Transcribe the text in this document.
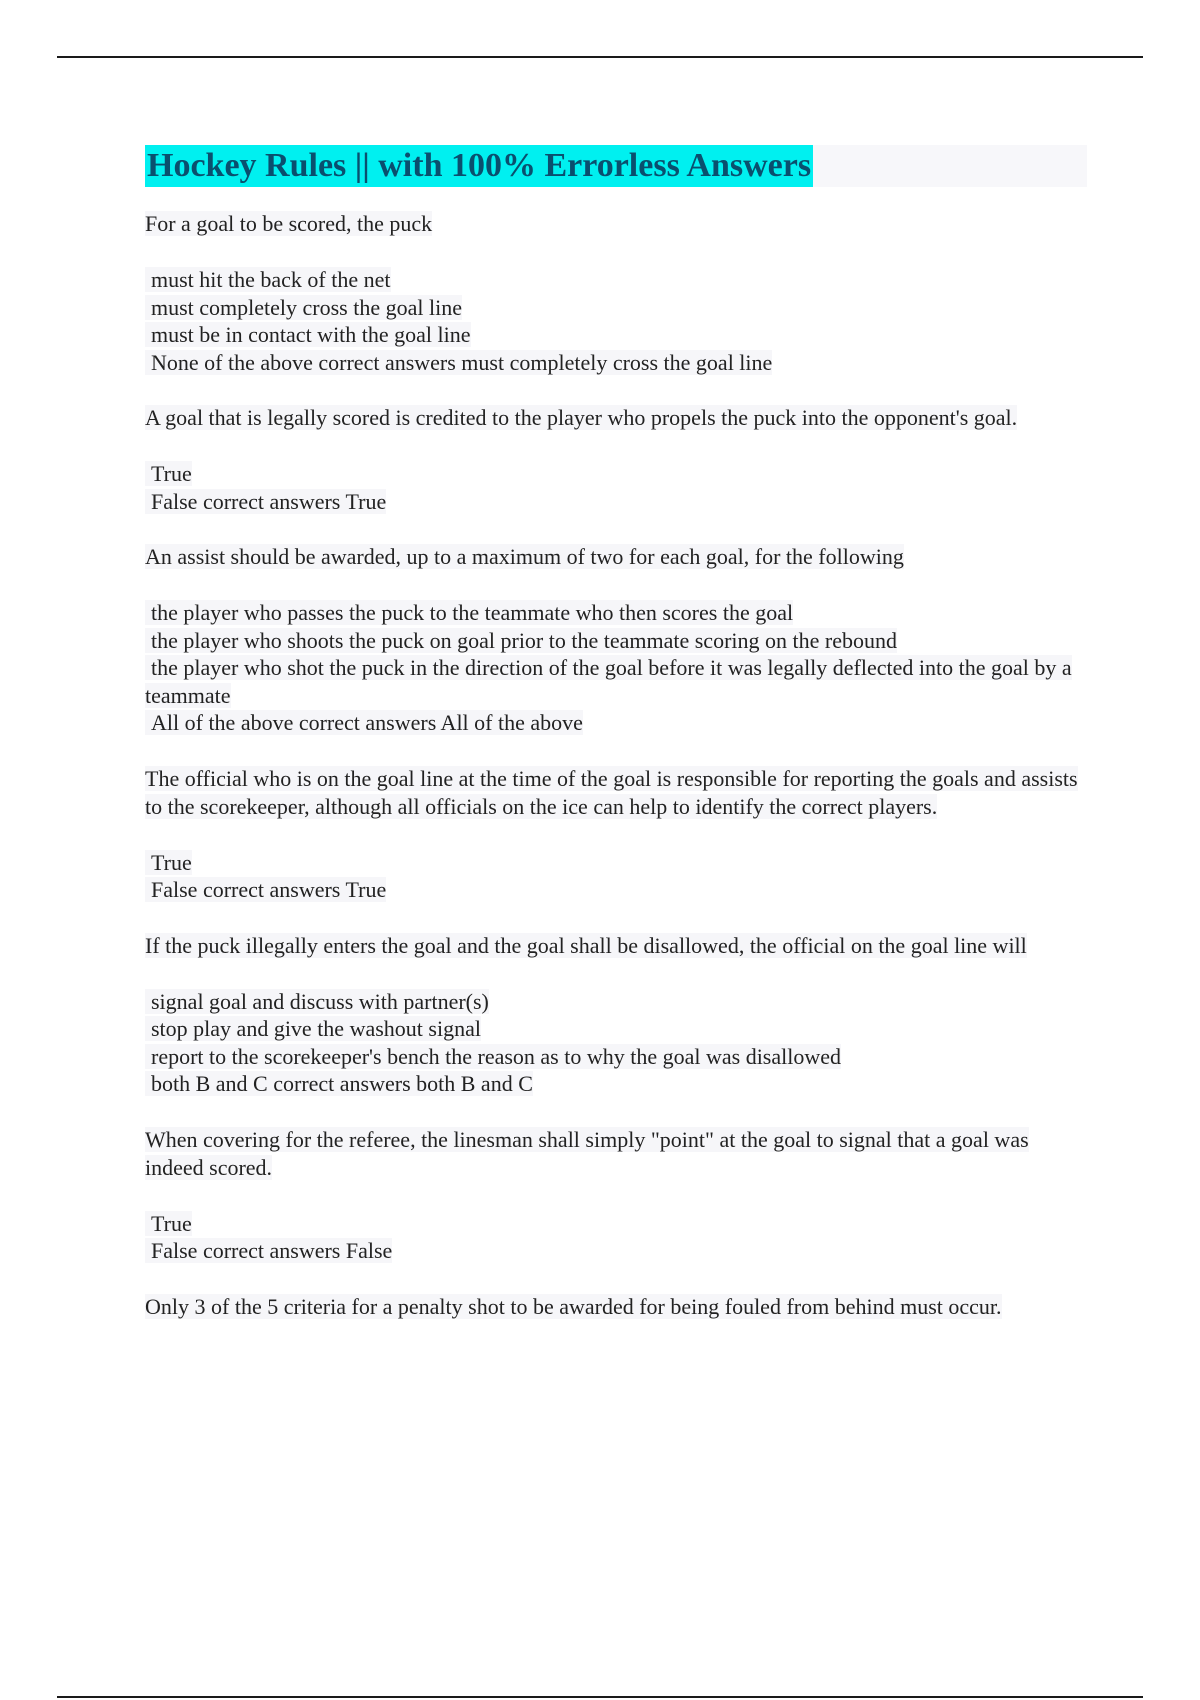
Hockey Rules || with 100% Errorless Answers
For a goal to be scored, the puck
must hit the back of the net
must completely cross the goal line
must be in contact with the goal line
None of the above correct answers must completely cross the goal line
A goal that is legally scored is credited to the player who propels the puck into the opponent's goal.
True
False correct answers True
An assist should be awarded, up to a maximum of two for each goal, for the following
the player who passes the puck to the teammate who then scores the goal
the player who shoots the puck on goal prior to the teammate scoring on the rebound
the player who shot the puck in the direction of the goal before it was legally deflected into the goal by a teammate
All of the above correct answers All of the above
The official who is on the goal line at the time of the goal is responsible for reporting the goals and assists to the scorekeeper, although all officials on the ice can help to identify the correct players.
True
False correct answers True
If the puck illegally enters the goal and the goal shall be disallowed, the official on the goal line will
signal goal and discuss with partner(s)
stop play and give the washout signal
report to the scorekeeper's bench the reason as to why the goal was disallowed
both B and C correct answers both B and C
When covering for the referee, the linesman shall simply "point" at the goal to signal that a goal was indeed scored.
True
False correct answers False
Only 3 of the 5 criteria for a penalty shot to be awarded for being fouled from behind must occur.
